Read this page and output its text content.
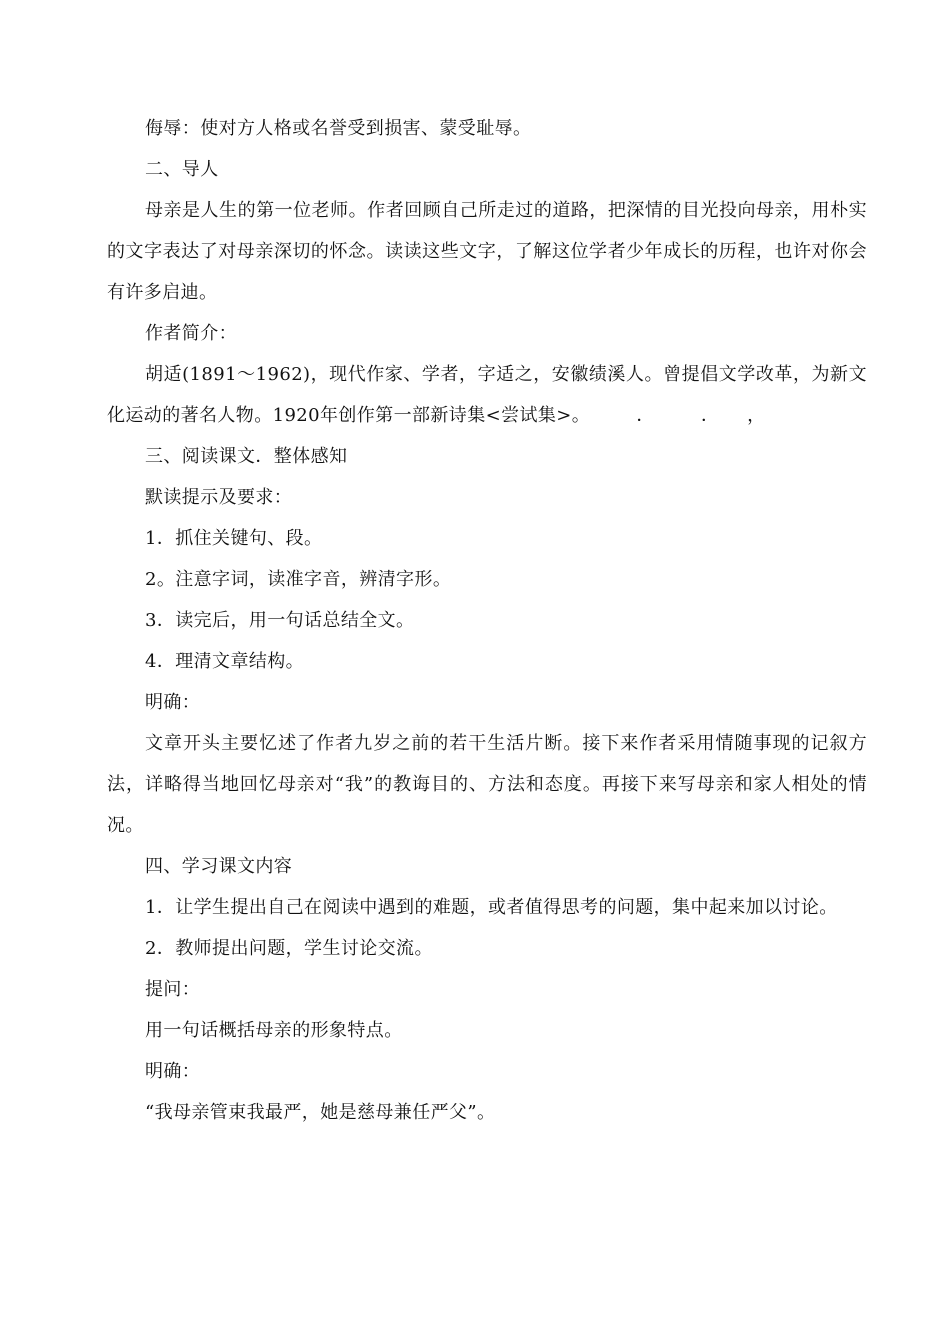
侮辱：使对方人格或名誉受到损害、蒙受耻辱。

二、导人

母亲是人生的第一位老师。作者回顾自己所走过的道路，把深情的目光投向母亲，用朴实的文字表达了对母亲深切的怀念。读读这些文字，了解这位学者少年成长的历程，也许对你会有许多启迪。

作者简介：

胡适(1891～1962)，现代作家、学者，字适之，安徽绩溪人。曾提倡文学改革，为新文化运动的著名人物。1920年创作第一部新诗集<尝试集>。　　　．　　　．　　，

三、阅读课文．整体感知

默读提示及要求：

1．抓住关键句、段。

2。注意字词，读准字音，辨清字形。

3．读完后，用一句话总结全文。

4．理清文章结构。

明确：

文章开头主要忆述了作者九岁之前的若干生活片断。接下来作者采用情随事现的记叙方法，详略得当地回忆母亲对“我”的教诲目的、方法和态度。再接下来写母亲和家人相处的情况。

四、学习课文内容

1．让学生提出自己在阅读中遇到的难题，或者值得思考的问题，集中起来加以讨论。

2．教师提出问题，学生讨论交流。

提问：

用一句话概括母亲的形象特点。

明确：

“我母亲管束我最严，她是慈母兼任严父”。
